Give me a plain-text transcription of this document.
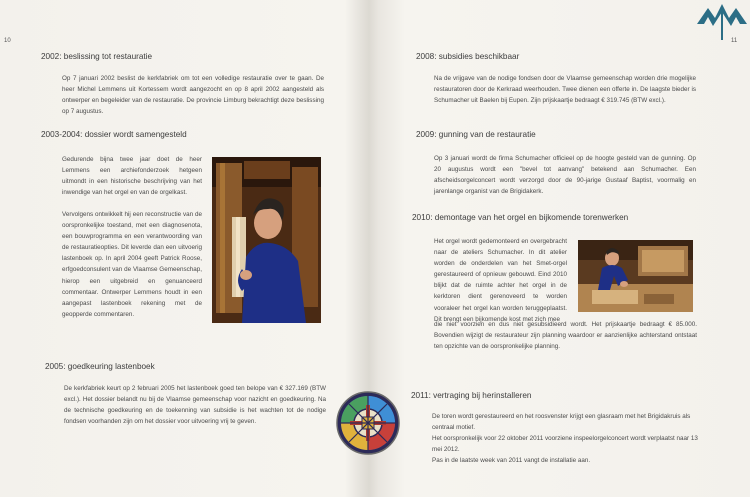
10
2002: beslissing tot restauratie

Op 7 januari 2002 beslist de kerkfabriek om tot een volledige restauratie over te gaan. De heer Michel Lemmens uit Kortessem wordt aangezocht en op 8 april 2002 aangesteld als ontwerper en begeleider van de restauratie. De provincie Limburg bekrachtigt deze beslissing op 7 augustus.

2003-2004: dossier wordt samengesteld

Gedurende bijna twee jaar doet de heer Lemmens een archiefonderzoek hetgeen uitmondt in een historische beschrijving van het inwendige van het orgel en van de orgelkast.

Vervolgens ontwikkelt hij een reconstructie van de oorspronkelijke toestand, met een diagnosenota, een bouwprogramma en een verantwoording van de restauratieopties. Dit leverde dan een uitvoerig lastenboek op. In april 2004 geeft Patrick Roose, erfgoedconsulent van de Vlaamse Gemeenschap, hierop een uitgebreid en genuanceerd commentaar. Ontwerper Lemmens houdt in een aangepast lastenboek rekening met de geopperde commentaren.

2005: goedkeuring lastenboek

De kerkfabriek keurt op 2 februari 2005 het lastenboek goed ten belope van € 327.169 (BTW excl.). Het dossier belandt nu bij de Vlaamse gemeenschap voor nazicht en goedkeuring. Na de technische goedkeuring en de toekenning van subsidie is het wachten tot de nodige fondsen voorhanden zijn om het dossier voor uitvoering vrij te geven.

11
2008: subsidies beschikbaar

Na de vrijgave van de nodige fondsen door de Vlaamse gemeenschap worden drie mogelijke restauratoren door de Kerkraad weerhouden. Twee dienen een offerte in. De laagste bieder is Schumacher uit Baelen bij Eupen. Zijn prijskaartje bedraagt € 319.745 (BTW excl.).

2009: gunning van de restauratie

Op 3 januari wordt de firma Schumacher officieel op de hoogte gesteld van de gunning. Op 20 augustus wordt een "bevel tot aanvang" betekend aan Schumacher. Een afscheidsorgelconcert wordt verzorgd door de 90-jarige Gustaaf Baptist, voormalig en jarenlange organist van de Brigidakerk.

2010: demontage van het orgel en bijkomende torenwerken

Het orgel wordt gedemonteerd en overgebracht naar de ateliers Schumacher. In dit atelier worden de onderdelen van het Smet-orgel gerestaureerd of opnieuw gebouwd. Eind 2010 blijkt dat de ruimte achter het orgel in de kerktoren dient gerenoveerd te worden vooraleer het orgel kan worden teruggeplaatst. Dit brengt een bijkomende kost met zich mee

die niet voorzien en dus niet gesubsidieerd wordt. Het prijskaartje bedraagt € 85.000. Bovendien wijzigt de restaurateur zijn planning waardoor er aanzienlijke achterstand ontstaat ten opzichte van de oorspronkelijke planning.

2011: vertraging bij herinstalleren

De toren wordt gerestaureerd en het roosvenster krijgt een glasraam met het Brigidakruis als centraal motief.

Het oorspronkelijk voor 22 oktober 2011 voorziene inspeelorgelconcert wordt verplaatst naar 13 mei 2012.

Pas in de laatste week van 2011 vangt de installatie aan.
